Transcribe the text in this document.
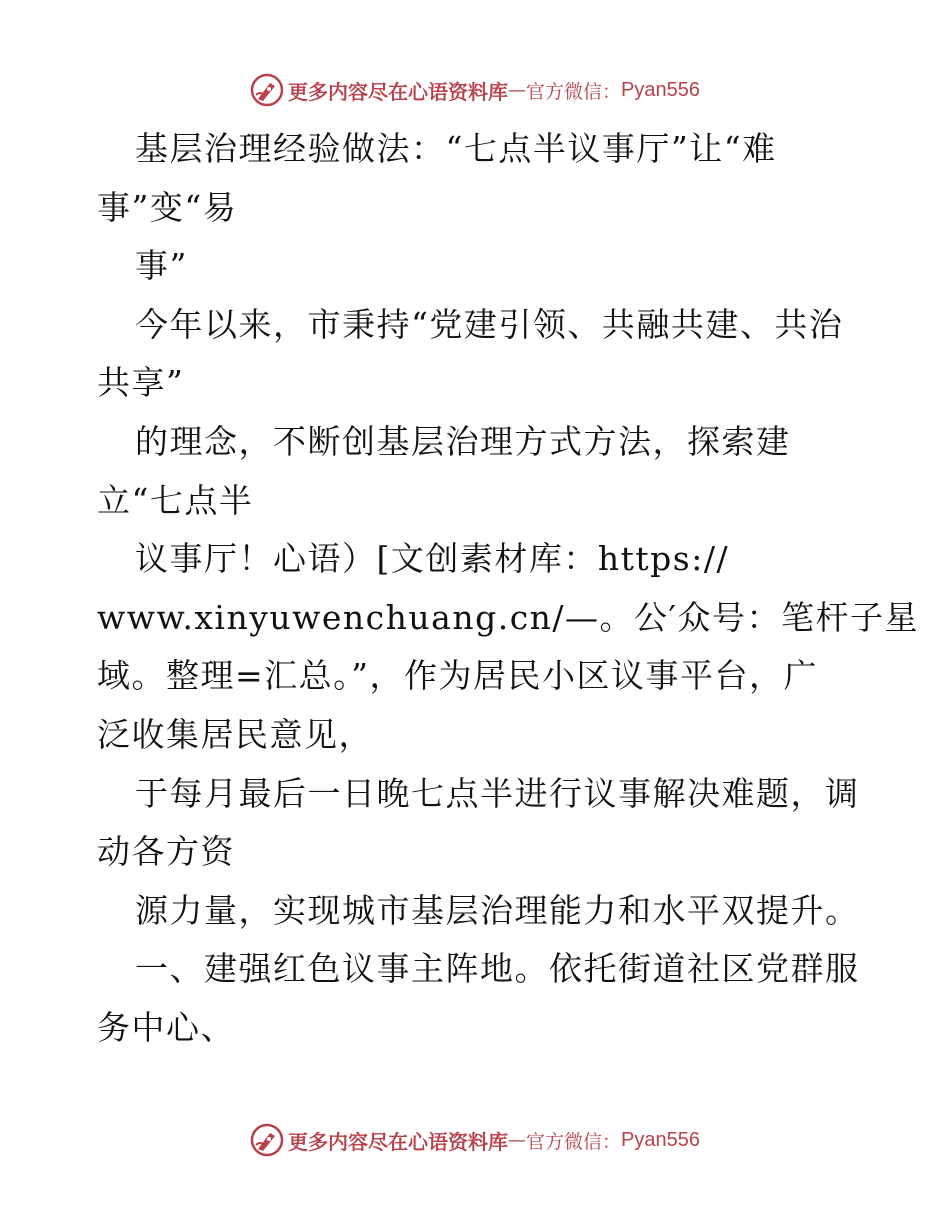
更多内容尽在心语资料库 — 官方微信： Pyan556
基层治理经验做法：“七点半议事厅”让“难
事”变“易
事”
今年以来，市秉持“党建引领、共融共建、共治
共享”
的理念，不断创基层治理方式方法，探索建
立“七点半
议事厅！心语）[文创素材库：https://
www.xinyuwenchuang.cn/—。公′众号：笔杆子星
域。整理=汇总。”，作为居民小区议事平台，广
泛收集居民意见，
于每月最后一日晚七点半进行议事解决难题，调
动各方资
源力量，实现城市基层治理能力和水平双提升。
一、建强红色议事主阵地。依托街道社区党群服
务中心、
更多内容尽在心语资料库 — 官方微信： Pyan556
